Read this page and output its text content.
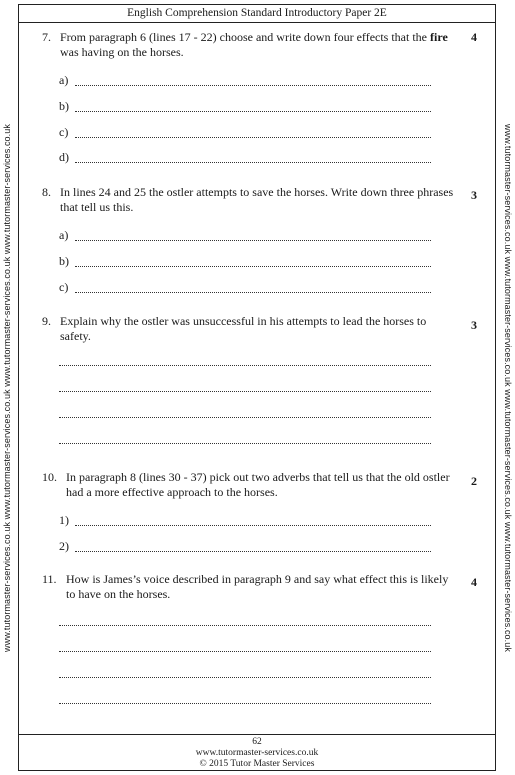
www.tutormaster-services.co.uk www.tutormaster-services.co.uk www.tutormaster-services.co.uk www.tutormaster-services.co.uk	www.tutormaster-services.co.uk www.tutormaster-services.co.uk www.tutormaster-services.co.uk www.tutormaster-services.co.uk
English Comprehension Standard Introductory Paper 2E
7. From paragraph 6 (lines 17 - 22) choose and write down four effects that the fire was having on the horses.
4
a)
b)
c)
d)
8. In lines 24 and 25 the ostler attempts to save the horses. Write down three phrases that tell us this.
3
a)
b)
c)
9. Explain why the ostler was unsuccessful in his attempts to lead the horses to safety.
3
10. In paragraph 8 (lines 30 - 37) pick out two adverbs that tell us that the old ostler had a more effective approach to the horses.
2
1)
2)
11. How is James’s voice described in paragraph 9 and say what effect this is likely to have on the horses.
4
62
www.tutormaster-services.co.uk
© 2015 Tutor Master Services
